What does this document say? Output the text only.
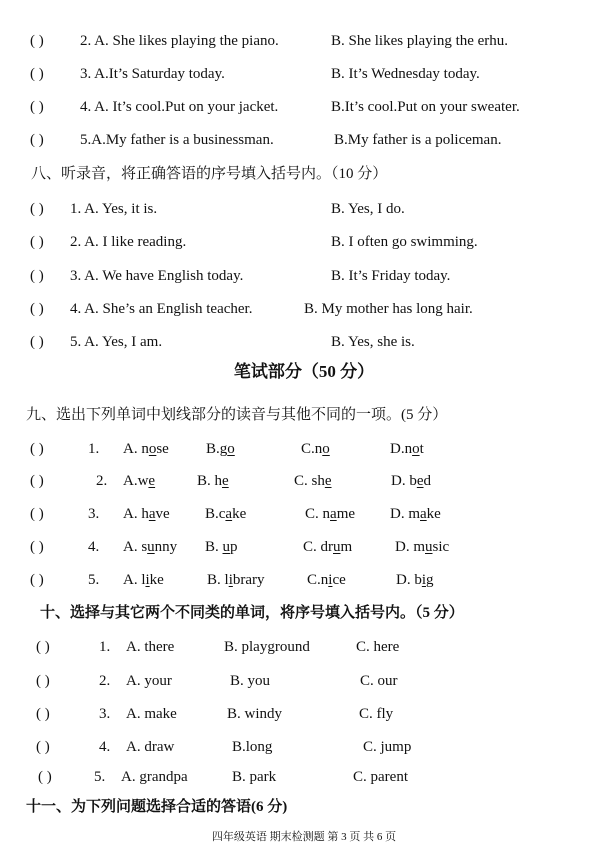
( ) 2. A. She likes playing the piano.	B. She likes playing the erhu.
( ) 3. A.It’s Saturday today.	B. It’s Wednesday today.
( ) 4. A. It’s cool.Put on your jacket.	B.It’s cool.Put on your sweater.
( ) 5.A.My father is a businessman.	B.My father is a policeman.
八、听录音，将正确答语的序号填入括号内。（10 分）
( ) 1. A. Yes, it is.	B. Yes, I do.
( ) 2. A. I like reading.	B. I often go swimming.
( ) 3. A. We have English today.	B. It’s Friday today.
( ) 4. A. She’s an English teacher.	B. My mother has long hair.
( ) 5. A. Yes, I am.	B. Yes, she is.
笔试部分（50 分）
九、选出下列单词中划线部分的读音与其他不同的一项。(5 分）
( )	1. A. nose B.go	C.no	D.not
( )	2. A.we	B. he	C. she	D. bed
( )	3. A. have B.cake	C. name D. make
( )	4. A. sunny B. up	C. drum	D. music
( )	5. A. like	B. library	C.nice	D. big
十、选择与其它两个不同类的单词，将序号填入括号内。（5 分）
( )	1. A. there	B. playground	C. here
( )	2. A. your	B. you	C. our
( )	3. A. make	B. windy	C. fly
( )	4. A. draw	B.long	C. jump
( )	5. A. grandpa	B. park	C. parent
十一、为下列问题选择合适的答语(6 分)
四年级英语 期末检测题 第 3 页 共 6 页
